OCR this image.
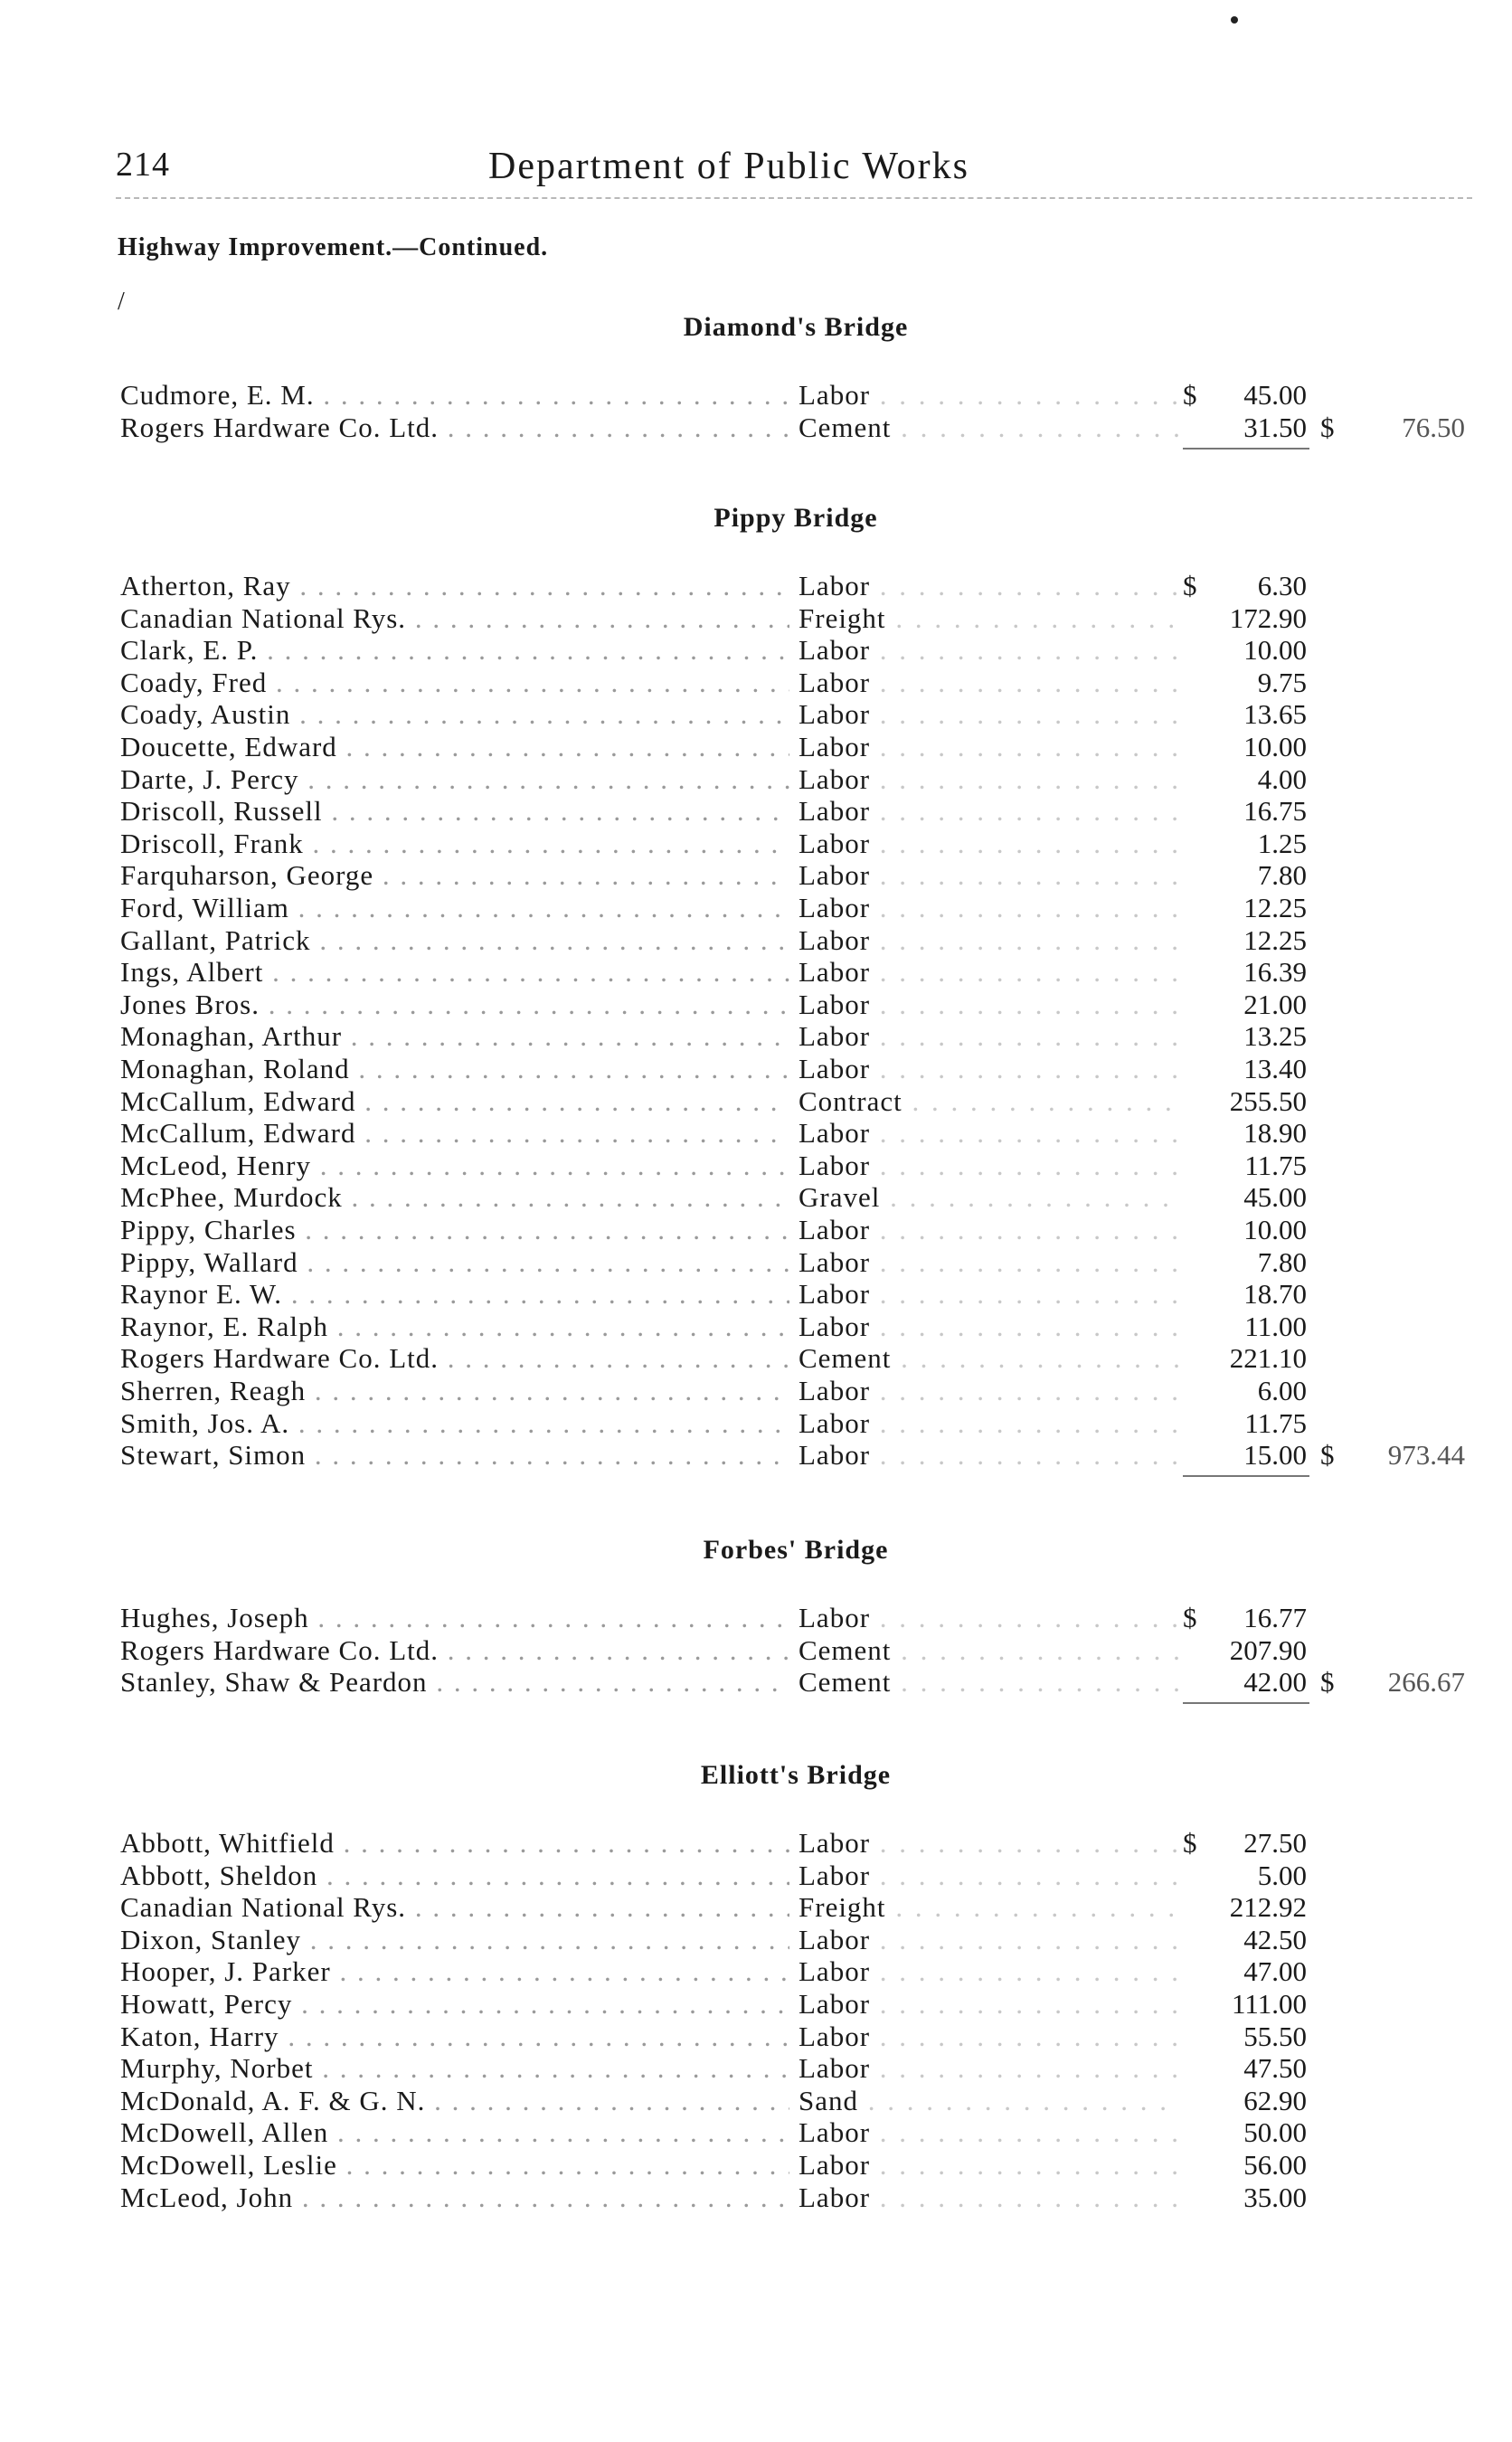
214	Department of Public Works
Highway Improvement.—Continued.
/
Diamond's Bridge
Cudmore, E. M. . . .	Labor . . .	$	45.00
Rogers Hardware Co. Ltd. . . .	Cement . . .	31.50 $	76.50
Pippy Bridge
Atherton, Ray . . .	Labor . . .	$	6.30
Canadian National Rys. . . .	Freight . . .	172.90
Clark, E. P. . . .	Labor . . .	10.00
Coady, Fred . . .	Labor . . .	9.75
Coady, Austin . . .	Labor . . .	13.65
Doucette, Edward . . .	Labor . . .	10.00
Darte, J. Percy . . .	Labor . . .	4.00
Driscoll, Russell . . .	Labor . . .	16.75
Driscoll, Frank . . .	Labor . . .	1.25
Farquharson, George . . .	Labor . . .	7.80
Ford, William . . .	Labor . . .	12.25
Gallant, Patrick . . .	Labor . . .	12.25
Ings, Albert . . .	Labor . . .	16.39
Jones Bros. . . .	Labor . . .	21.00
Monaghan, Arthur . . .	Labor . . .	13.25
Monaghan, Roland . . .	Labor . . .	13.40
McCallum, Edward . . .	Contract . . .	255.50
McCallum, Edward . . .	Labor . . .	18.90
McLeod, Henry . . .	Labor . . .	11.75
McPhee, Murdock . . .	Gravel . . .	45.00
Pippy, Charles . . .	Labor . . .	10.00
Pippy, Wallard . . .	Labor . . .	7.80
Raynor E. W. . . .	Labor . . .	18.70
Raynor, E. Ralph . . .	Labor . . .	11.00
Rogers Hardware Co. Ltd. . . .	Cement . . .	221.10
Sherren, Reagh . . .	Labor . . .	6.00
Smith, Jos. A. . . .	Labor . . .	11.75
Stewart, Simon . . .	Labor . . .	15.00 $	973.44
Forbes' Bridge
Hughes, Joseph . . .	Labor . . .	$	16.77
Rogers Hardware Co. Ltd. . . .	Cement . . .	207.90
Stanley, Shaw & Peardon . . .	Cement . . .	42.00 $	266.67
Elliott's Bridge
Abbott, Whitfield . . .	Labor . . .	$	27.50
Abbott, Sheldon . . .	Labor . . .	5.00
Canadian National Rys. . . .	Freight . . .	212.92
Dixon, Stanley . . .	Labor . . .	42.50
Hooper, J. Parker . . .	Labor . . .	47.00
Howatt, Percy . . .	Labor . . .	111.00
Katon, Harry . . .	Labor . . .	55.50
Murphy, Norbet . . .	Labor . . .	47.50
McDonald, A. F. & G. N. . . .	Sand . . .	62.90
McDowell, Allen . . .	Labor . . .	50.00
McDowell, Leslie . . .	Labor . . .	56.00
McLeod, John . . .	Labor . . .	35.00
